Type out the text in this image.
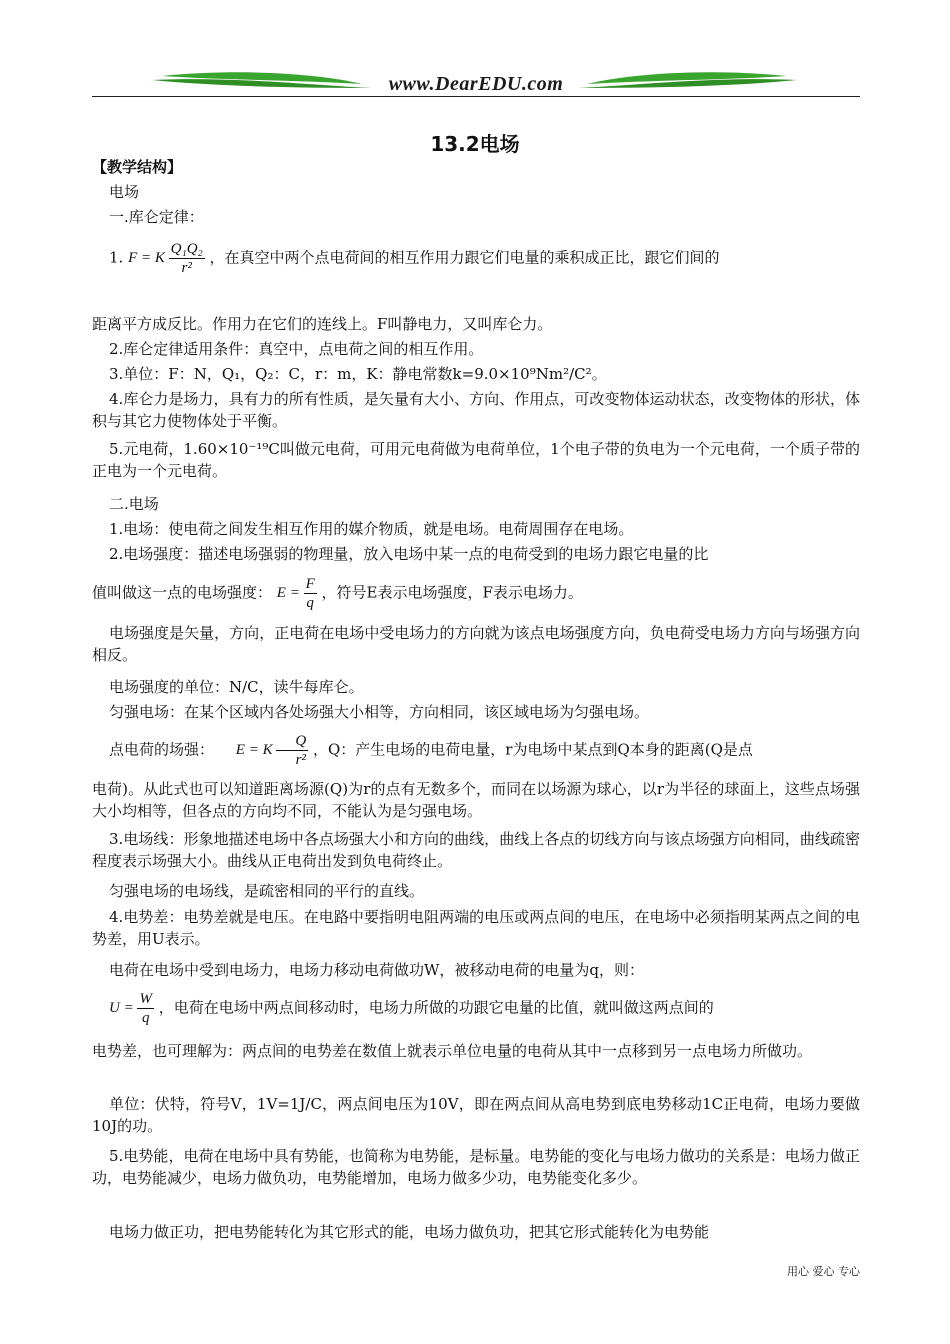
www.DearEDU.com
13.2电场
【教学结构】
电场
一.库仑定律：
1. F = K $\frac{\text{Q₁Q₂}}{\text{r²}}$ ，在真空中两个点电荷间的相互作用力跟它们电量的乘积成正比，跟它们间的
距离平方成反比。作用力在它们的连线上。F叫静电力，又叫库仑力。
2.库仑定律适用条件：真空中，点电荷之间的相互作用。
3.单位：F：N，Q₁，Q₂：C，r：m，K：静电常数k=9.0×10⁹Nm²/C²。
4.库仑力是场力，具有力的所有性质，是矢量有大小、方向、作用点，可改变物体运动状态，改变物体的形状，体积与其它力使物体处于平衡。
5.元电荷，1.60×10⁻¹⁹C叫做元电荷，可用元电荷做为电荷单位，1个电子带的负电为一个元电荷，一个质子带的正电为一个元电荷。
二.电场
1.电场：使电荷之间发生相互作用的媒介物质，就是电场。电荷周围存在电场。
2.电场强度：描述电场强弱的物理量，放入电场中某一点的电荷受到的电场力跟它电量的比
值叫做这一点的电场强度： $E = \frac{F}{q}$ ，符号E表示电场强度，F表示电场力。
电场强度是矢量，方向，正电荷在电场中受电场力的方向就为该点电场强度方向，负电荷受电场力方向与场强方向相反。
电场强度的单位：N/C，读牛每库仑。
匀强电场：在某个区域内各处场强大小相等，方向相同，该区域电场为匀强电场。
点电荷的场强： E = K $\frac{Q}{\text{r²}}$ ，Q：产生电场的电荷电量，r为电场中某点到Q本身的距离(Q是点
电荷)。从此式也可以知道距离场源(Q)为r的点有无数多个，而同在以场源为球心，以r为半径的球面上，这些点场强大小均相等，但各点的方向均不同，不能认为是匀强电场。
3.电场线：形象地描述电场中各点场强大小和方向的曲线，曲线上各点的切线方向与该点场强方向相同，曲线疏密程度表示场强大小。曲线从正电荷出发到负电荷终止。
匀强电场的电场线，是疏密相同的平行的直线。
4.电势差：电势差就是电压。在电路中要指明电阻两端的电压或两点间的电压，在电场中必须指明某两点之间的电势差，用U表示。
电荷在电场中受到电场力，电场力移动电荷做功W，被移动电荷的电量为q，则：
$U = \frac{W}{q}$ ，电荷在电场中两点间移动时，电场力所做的功跟它电量的比值，就叫做这两点间的
电势差，也可理解为：两点间的电势差在数值上就表示单位电量的电荷从其中一点移到另一点电场力所做功。
单位：伏特，符号V，1V=1J/C，两点间电压为10V，即在两点间从高电势到底电势移动1C正电荷，电场力要做10J的功。
5.电势能，电荷在电场中具有势能，也简称为电势能，是标量。电势能的变化与电场力做功的关系是：电场力做正功，电势能减少，电场力做负功，电势能增加，电场力做多少功，电势能变化多少。
电场力做正功，把电势能转化为其它形式的能，电场力做负功，把其它形式能转化为电势能
用心 爱心 专心
